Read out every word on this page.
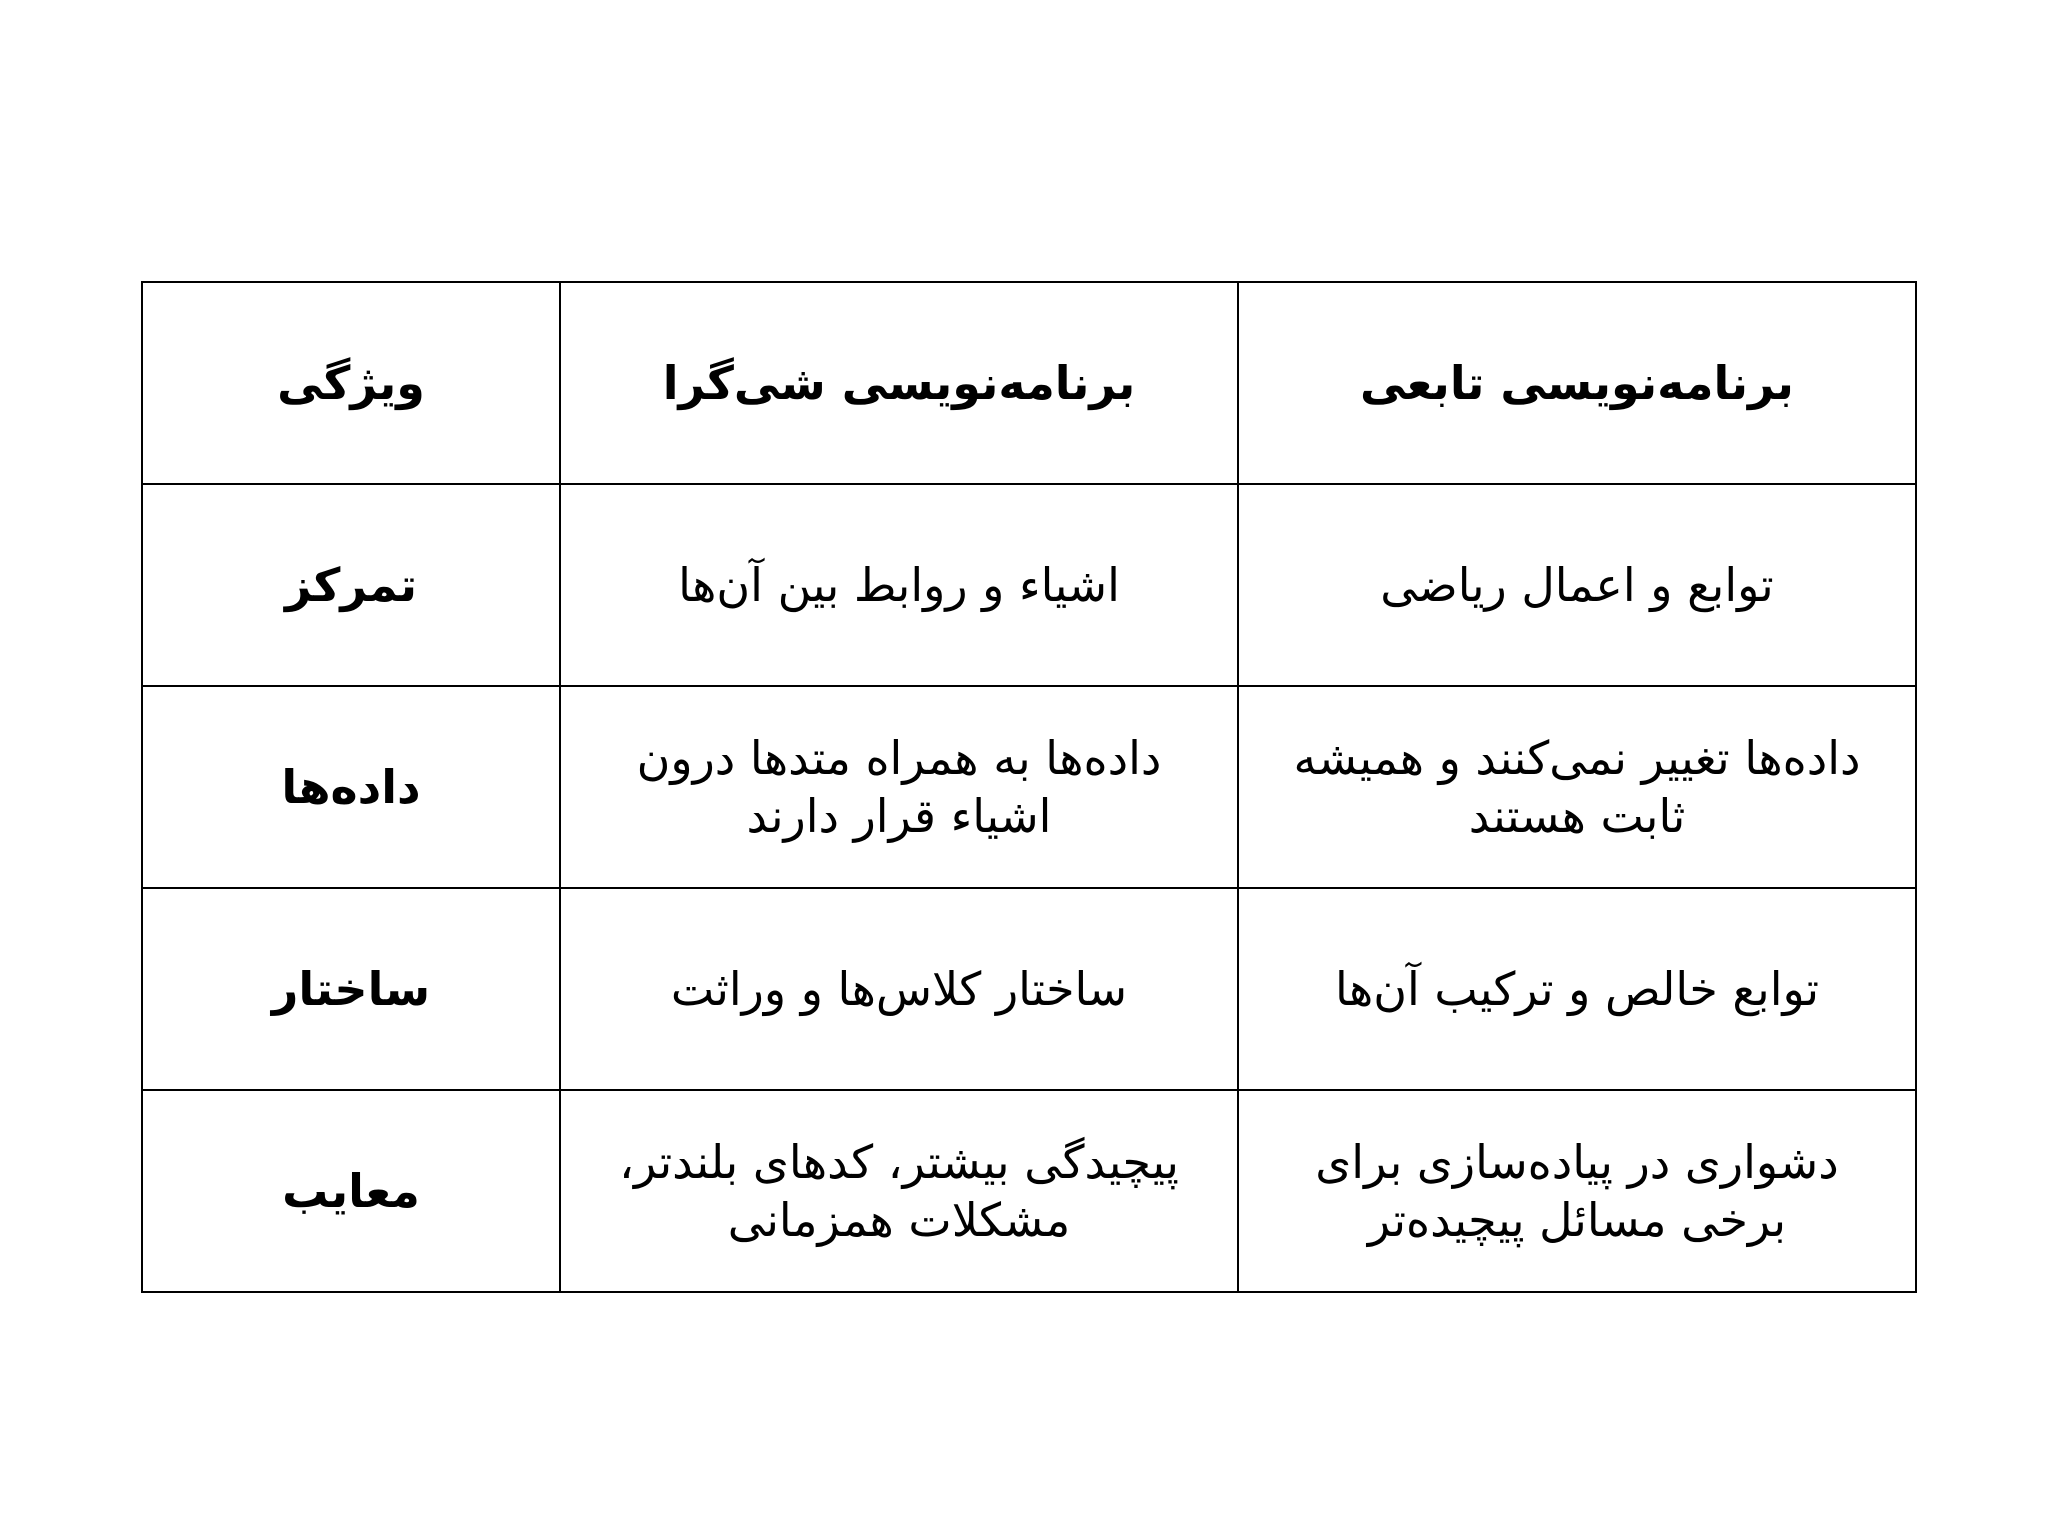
ویژگی	برنامه‌نویسی شی‌گرا	برنامه‌نویسی تابعی
تمرکز	اشیاء و روابط بین آن‌ها	توابع و اعمال ریاضی
داده‌ها	داده‌ها به همراه متدها درون اشیاء قرار دارند	داده‌ها تغییر نمی‌کنند و همیشه ثابت هستند
ساختار	ساختار کلاس‌ها و وراثت	توابع خالص و ترکیب آن‌ها
معایب	پیچیدگی بیشتر، کدهای بلندتر، مشکلات همزمانی	دشواری در پیاده‌سازی برای برخی مسائل پیچیده‌تر
